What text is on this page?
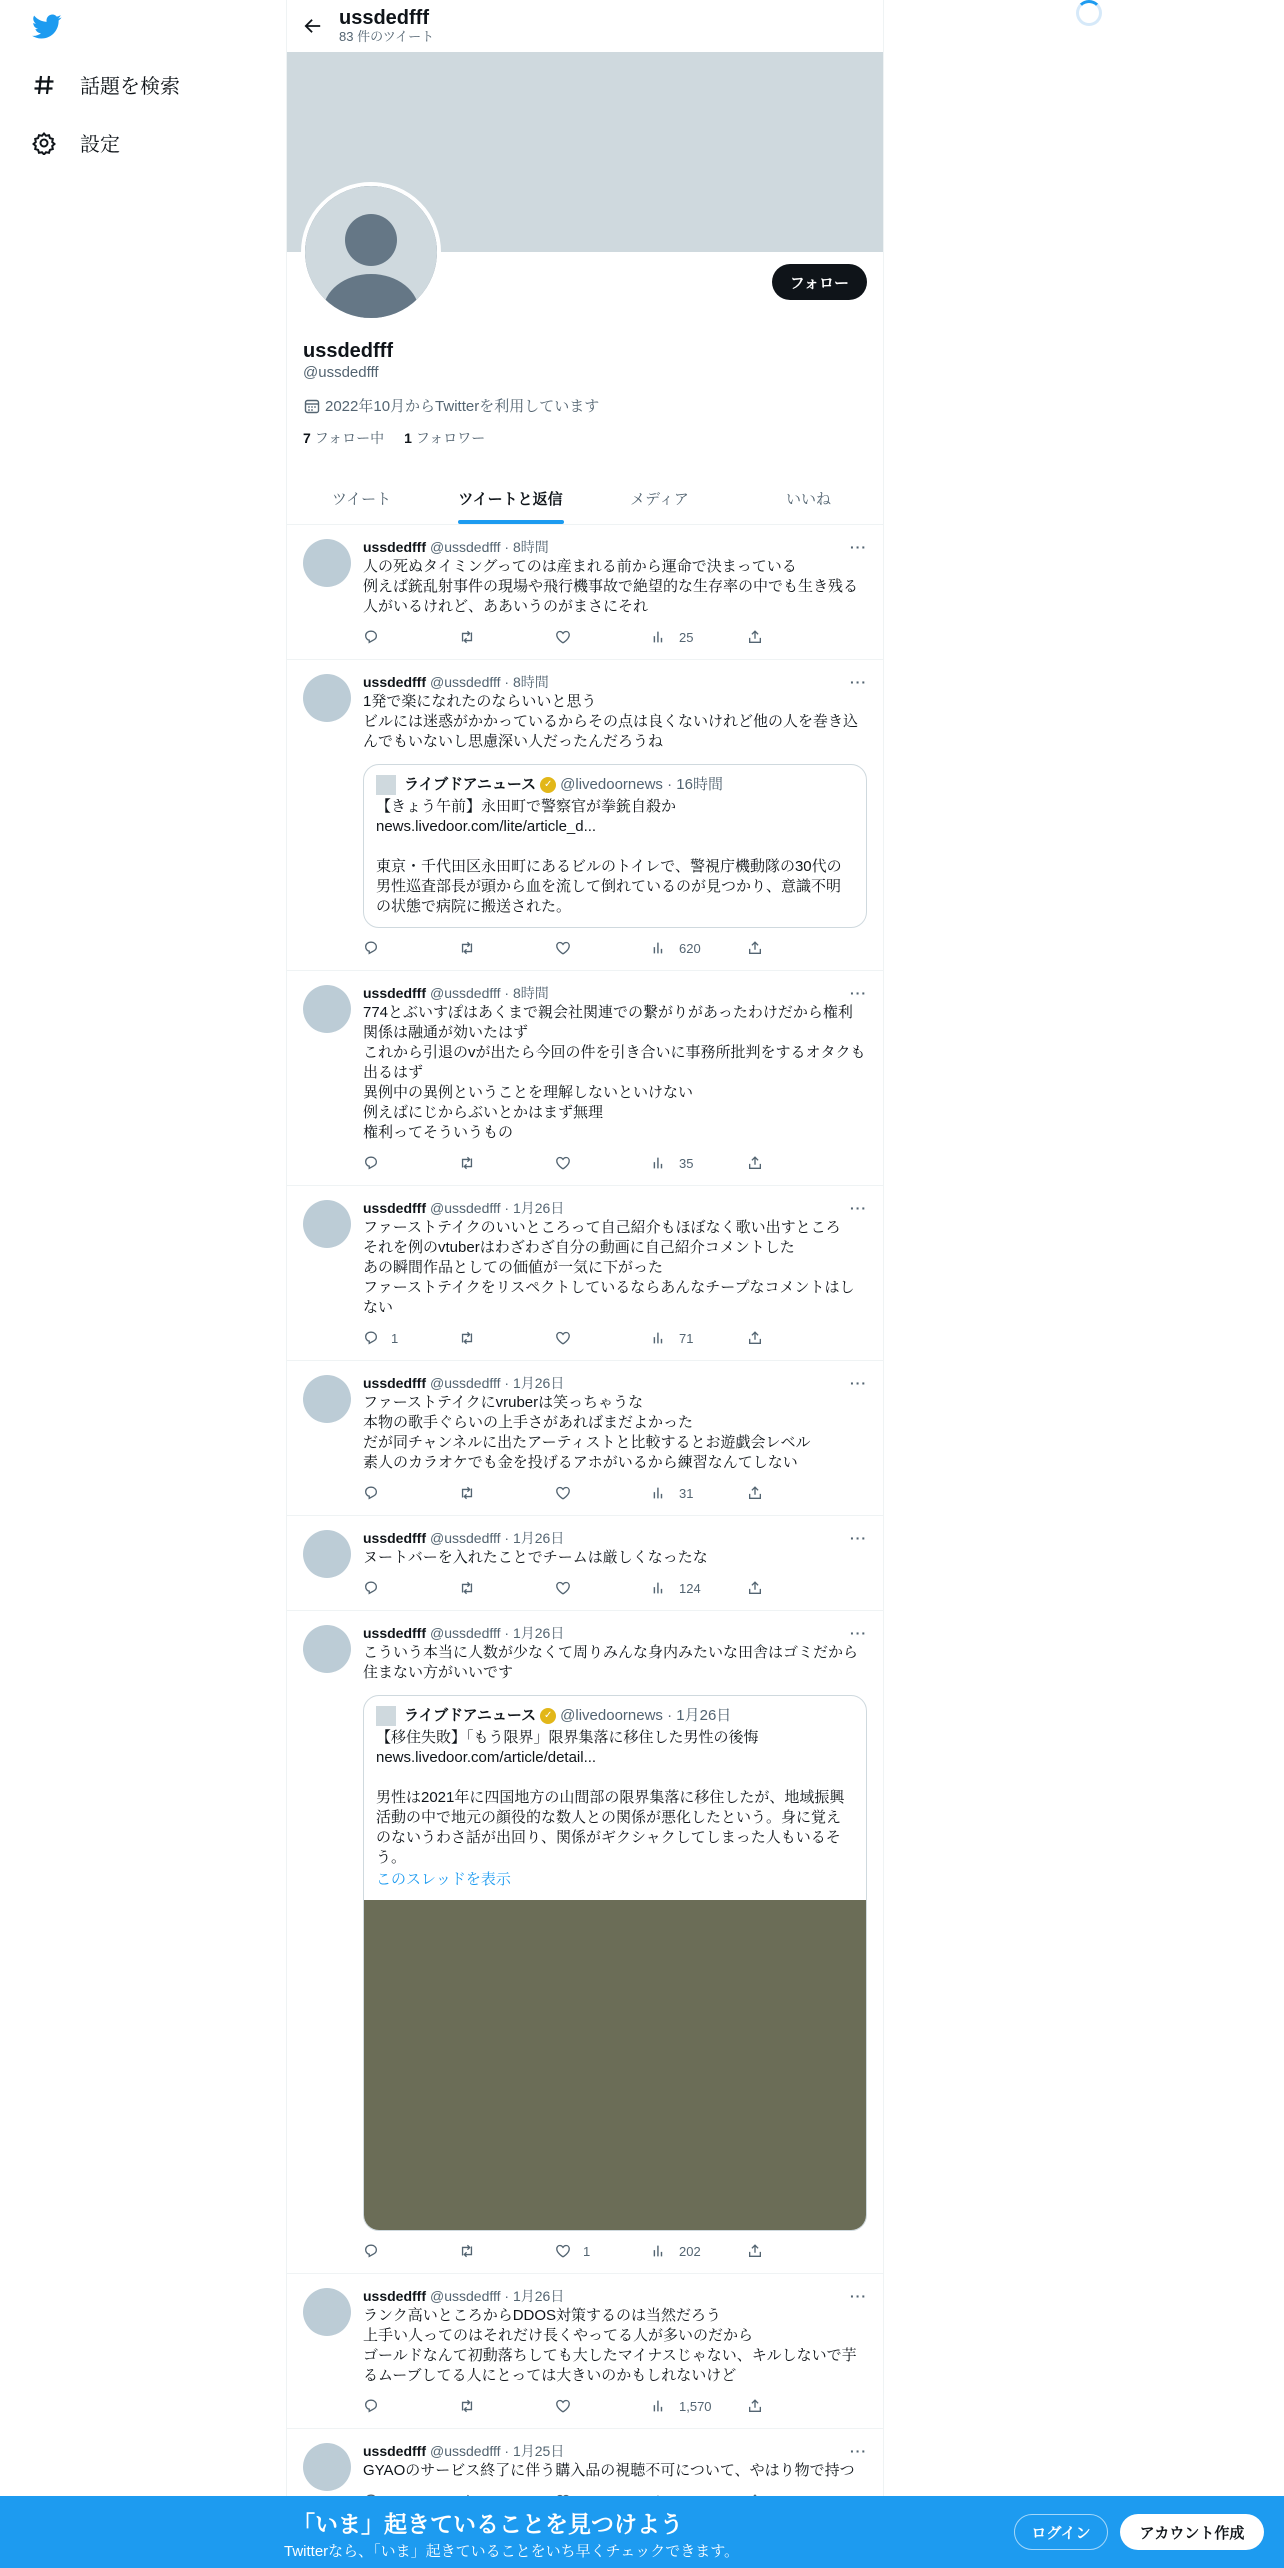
話題を検索
設定
ussdedfff
83 件のツイート
フォロー
ussdedfff
@ussdedfff
2022年10月からTwitterを利用しています
7 フォロー中 1 フォロワー
ツイート	ツイートと返信	メディア	いいね
ussdedfff @ussdedfff · 8時間	···
人の死ぬタイミングってのは産まれる前から運命で決まっている
例えば銃乱射事件の現場や飛行機事故で絶望的な生存率の中でも生き残る人がいるけれど、ああいうのがまさにそれ
25
ussdedfff @ussdedfff · 8時間	···
1発で楽になれたのならいいと思う
ビルには迷惑がかかっているからその点は良くないけれど他の人を巻き込んでもいないし思慮深い人だったんだろうね
ライブドアニュース ✓ @livedoornews · 16時間
【きょう午前】永田町で警察官が拳銃自殺か
news.livedoor.com/lite/article_d...

東京・千代田区永田町にあるビルのトイレで、警視庁機動隊の30代の男性巡査部長が頭から血を流して倒れているのが見つかり、意識不明の状態で病院に搬送された。
620
ussdedfff @ussdedfff · 8時間	···
774とぶいすぽはあくまで親会社関連での繋がりがあったわけだから権利関係は融通が効いたはず
これから引退のvが出たら今回の件を引き合いに事務所批判をするオタクも出るはず
異例中の異例ということを理解しないといけない
例えばにじからぶいとかはまず無理
権利ってそういうもの
35
ussdedfff @ussdedfff · 1月26日	···
ファーストテイクのいいところって自己紹介もほぼなく歌い出すところ
それを例のvtuberはわざわざ自分の動画に自己紹介コメントした
あの瞬間作品としての価値が一気に下がった
ファーストテイクをリスペクトしているならあんなチープなコメントはしない
1	71
ussdedfff @ussdedfff · 1月26日	···
ファーストテイクにvruberは笑っちゃうな
本物の歌手ぐらいの上手さがあればまだよかった
だが同チャンネルに出たアーティストと比較するとお遊戯会レベル
素人のカラオケでも金を投げるアホがいるから練習なんてしない
31
ussdedfff @ussdedfff · 1月26日	···
ヌートバーを入れたことでチームは厳しくなったな
124
ussdedfff @ussdedfff · 1月26日	···
こういう本当に人数が少なくて周りみんな身内みたいな田舎はゴミだから住まない方がいいです
ライブドアニュース ✓ @livedoornews · 1月26日
【移住失敗】「もう限界」限界集落に移住した男性の後悔
news.livedoor.com/article/detail...

男性は2021年に四国地方の山間部の限界集落に移住したが、地域振興活動の中で地元の顔役的な数人との関係が悪化したという。身に覚えのないうわさ話が出回り、関係がギクシャクしてしまった人もいるそう。
このスレッドを表示
1	202
ussdedfff @ussdedfff · 1月26日	···
ランク高いところからDDOS対策するのは当然だろう
上手い人ってのはそれだけ長くやってる人が多いのだから
ゴールドなんて初動落ちしても大したマイナスじゃない、キルしないで芋るムーブしてる人にとっては大きいのかもしれないけど
1,570
ussdedfff @ussdedfff · 1月25日	···
GYAOのサービス終了に伴う購入品の視聴不可について、やはり物で持つ
「いま」起きていることを見つけよう
Twitterなら、「いま」起きていることをいち早くチェックできます。
ログイン	アカウント作成
